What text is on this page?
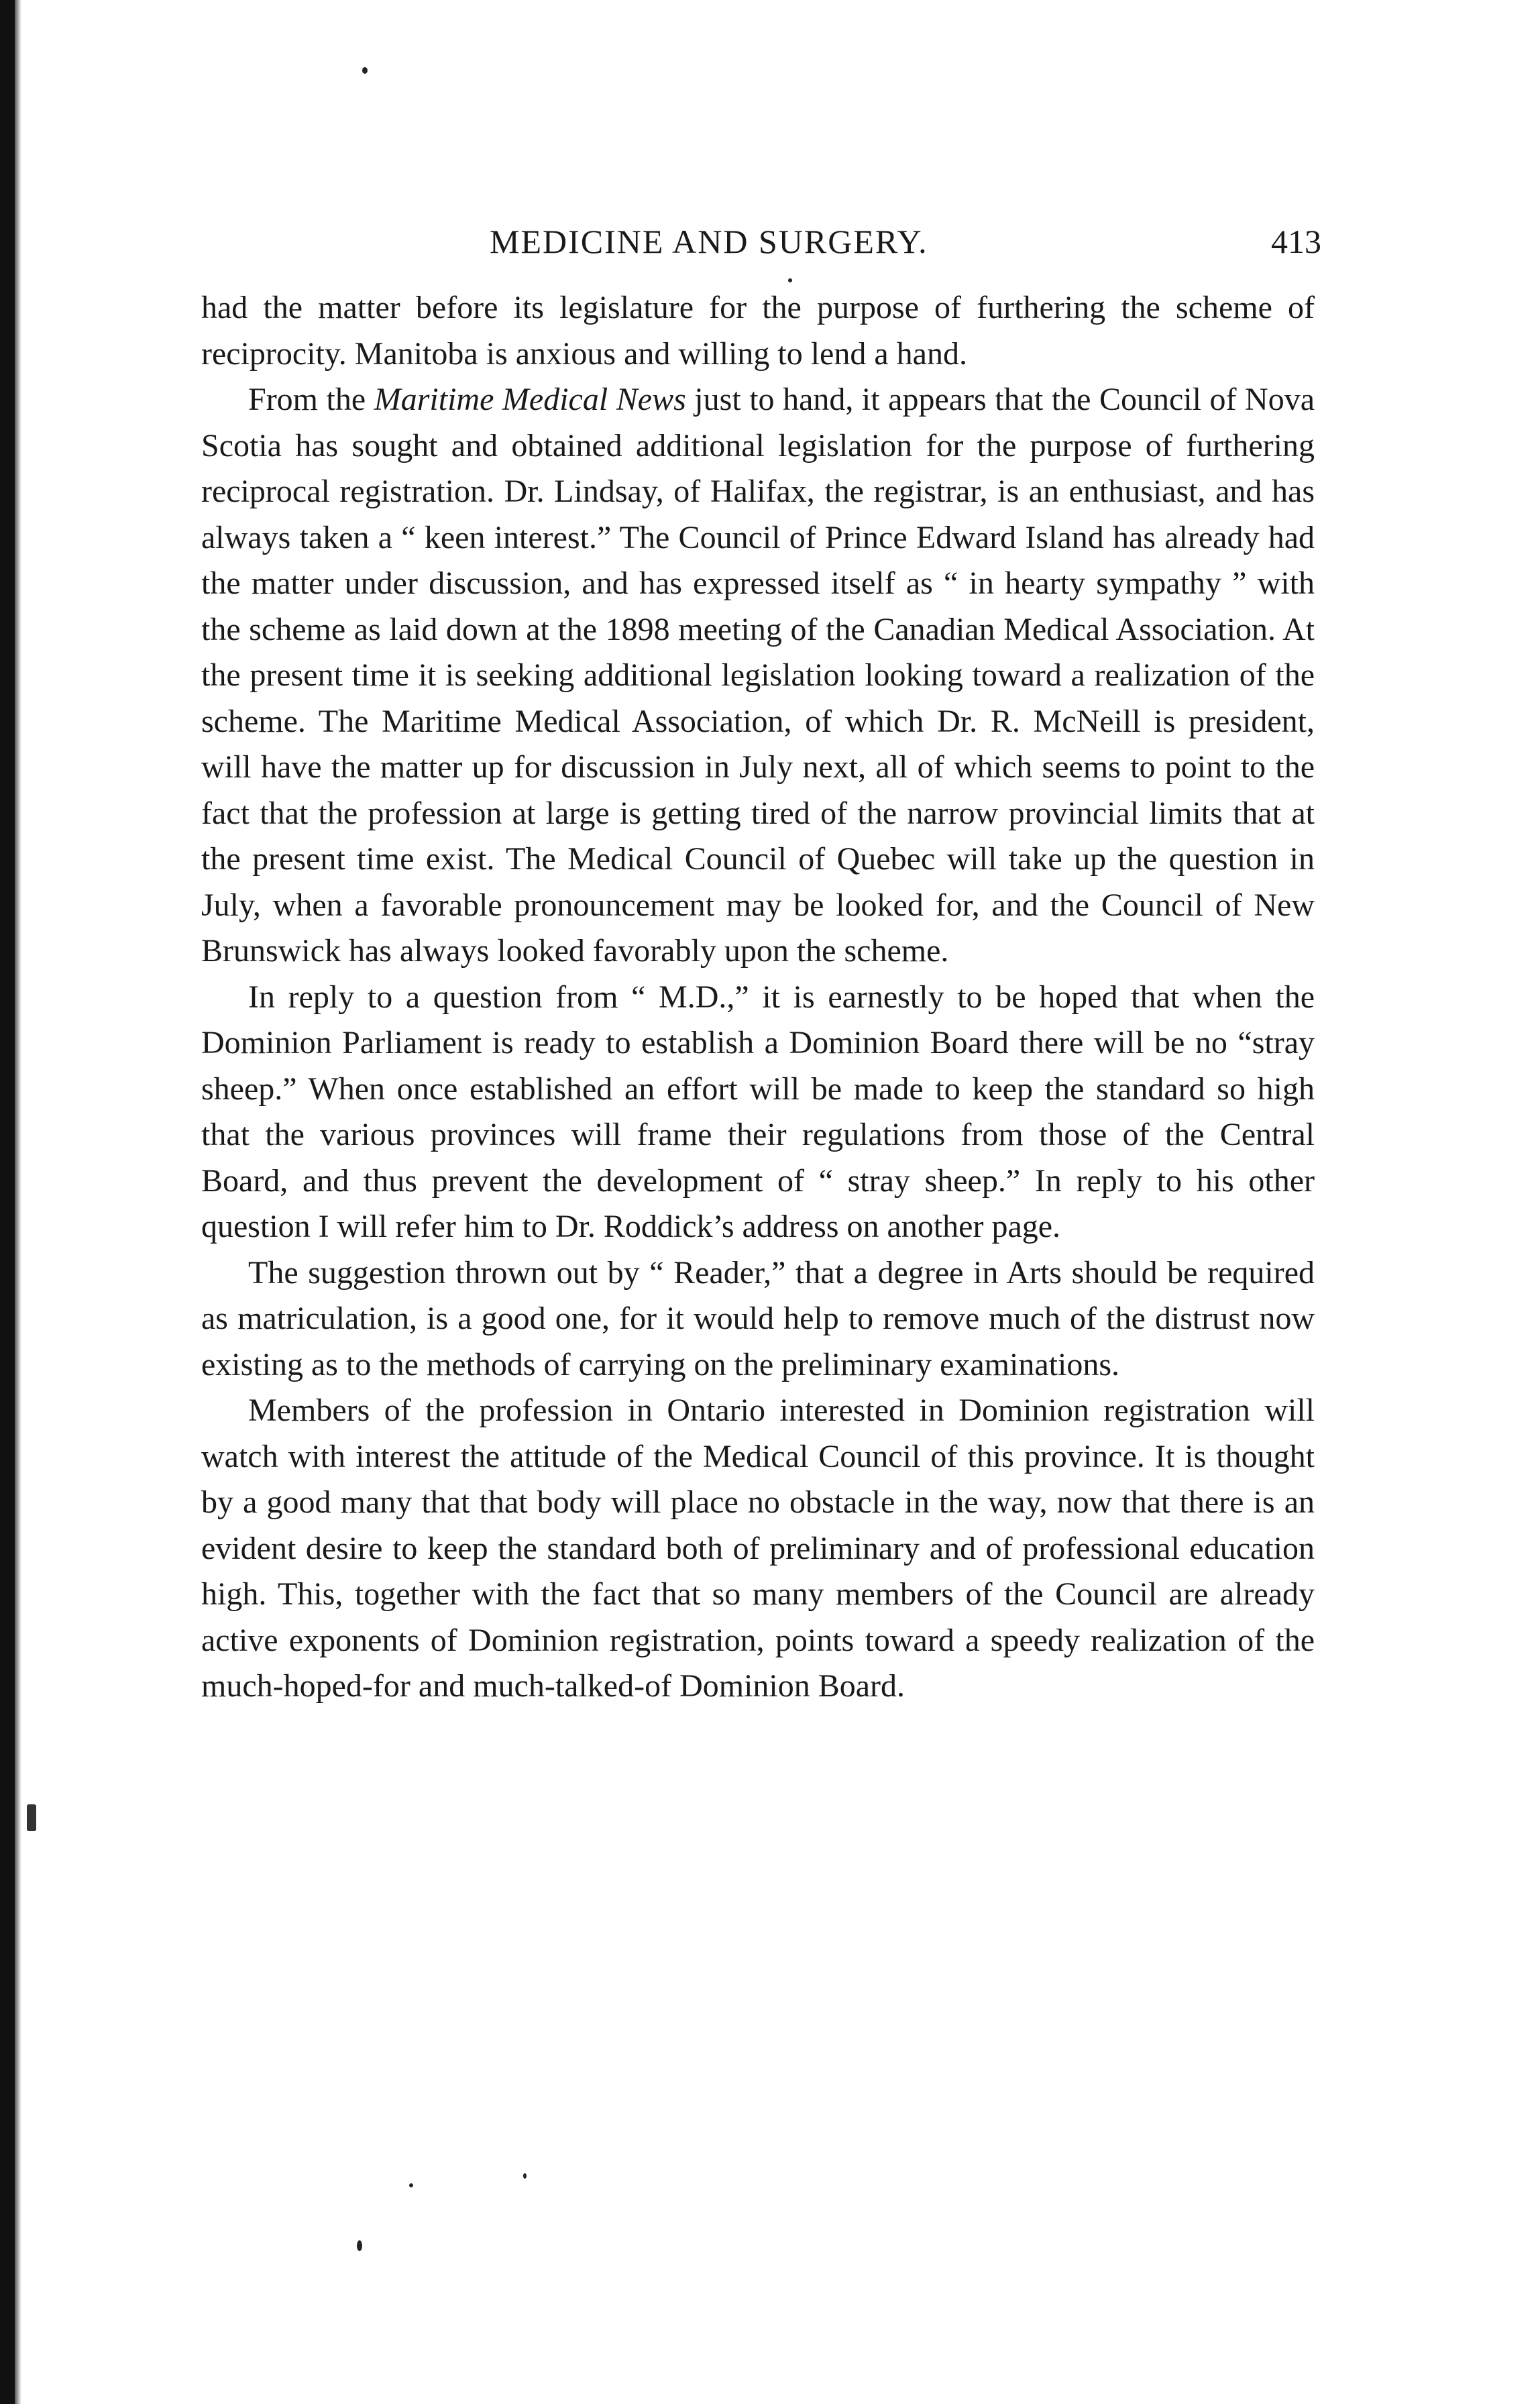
MEDICINE AND SURGERY.	413

had the matter before its legislature for the purpose of furthering the scheme of reciprocity. Manitoba is anxious and willing to lend a hand.

From the Maritime Medical News just to hand, it appears that the Council of Nova Scotia has sought and obtained additional legislation for the purpose of furthering reciprocal registration. Dr. Lindsay, of Halifax, the registrar, is an enthusiast, and has always taken a “ keen interest.” The Council of Prince Edward Island has already had the matter under discussion, and has expressed itself as “ in hearty sympathy ” with the scheme as laid down at the 1898 meeting of the Canadian Medical Association. At the present time it is seeking additional legislation looking toward a realization of the scheme. The Maritime Medical Association, of which Dr. R. McNeill is president, will have the matter up for discussion in July next, all of which seems to point to the fact that the profession at large is getting tired of the narrow provincial limits that at the present time exist. The Medical Council of Quebec will take up the question in July, when a favorable pronouncement may be looked for, and the Council of New Brunswick has always looked favorably upon the scheme.

In reply to a question from “ M.D.,” it is earnestly to be hoped that when the Dominion Parliament is ready to establish a Dominion Board there will be no “stray sheep.” When once established an effort will be made to keep the standard so high that the various provinces will frame their regulations from those of the Central Board, and thus prevent the development of “ stray sheep.” In reply to his other question I will refer him to Dr. Roddick’s address on another page.

The suggestion thrown out by “ Reader,” that a degree in Arts should be required as matriculation, is a good one, for it would help to remove much of the distrust now existing as to the methods of carrying on the preliminary examinations.

Members of the profession in Ontario interested in Dominion registration will watch with interest the attitude of the Medical Council of this province. It is thought by a good many that that body will place no obstacle in the way, now that there is an evident desire to keep the standard both of preliminary and of professional education high. This, together with the fact that so many members of the Council are already active exponents of Dominion registration, points toward a speedy realization of the much-hoped-for and much-talked-of Dominion Board.
